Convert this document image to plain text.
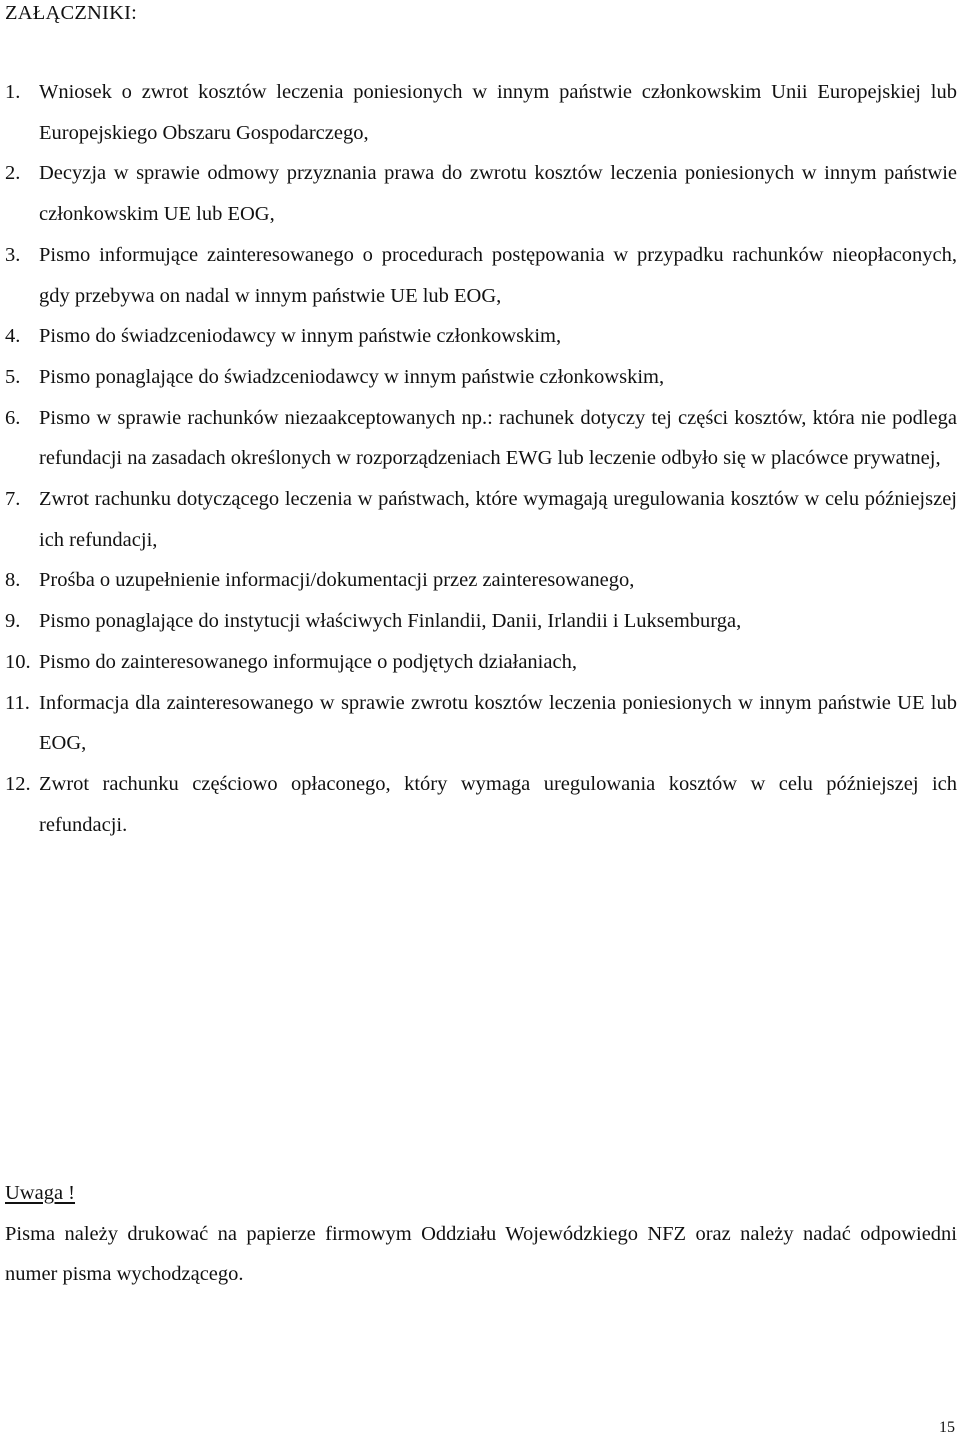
ZAŁĄCZNIKI:
1. Wniosek o zwrot kosztów leczenia poniesionych w innym państwie członkowskim Unii Europejskiej lub Europejskiego Obszaru Gospodarczego,
2. Decyzja w sprawie odmowy przyznania prawa do zwrotu kosztów leczenia poniesionych w innym państwie członkowskim UE lub EOG,
3. Pismo informujące zainteresowanego o procedurach postępowania w przypadku rachunków nieopłaconych, gdy przebywa on nadal w innym państwie UE lub EOG,
4. Pismo do świadzceniodawcy w innym państwie członkowskim,
5. Pismo ponaglające do świadzceniodawcy w innym państwie członkowskim,
6. Pismo w sprawie rachunków niezaakceptowanych np.: rachunek dotyczy tej części kosztów, która nie podlega refundacji na zasadach określonych w rozporządzeniach EWG lub leczenie odbyło się w placówce prywatnej,
7. Zwrot rachunku dotyczącego leczenia w państwach, które wymagają uregulowania kosztów w celu późniejszej ich refundacji,
8. Prośba o uzupełnienie informacji/dokumentacji przez zainteresowanego,
9. Pismo ponaglające do instytucji właściwych Finlandii, Danii, Irlandii i Luksemburga,
10. Pismo do zainteresowanego informujące o podjętych działaniach,
11. Informacja dla zainteresowanego w sprawie zwrotu kosztów leczenia poniesionych w innym państwie UE lub EOG,
12. Zwrot rachunku częściowo opłaconego, który wymaga uregulowania kosztów w celu późniejszej ich refundacji.
Uwaga !

Pisma należy drukować na papierze firmowym Oddziału Wojewódzkiego NFZ oraz należy nadać odpowiedni numer pisma wychodzącego.

15
